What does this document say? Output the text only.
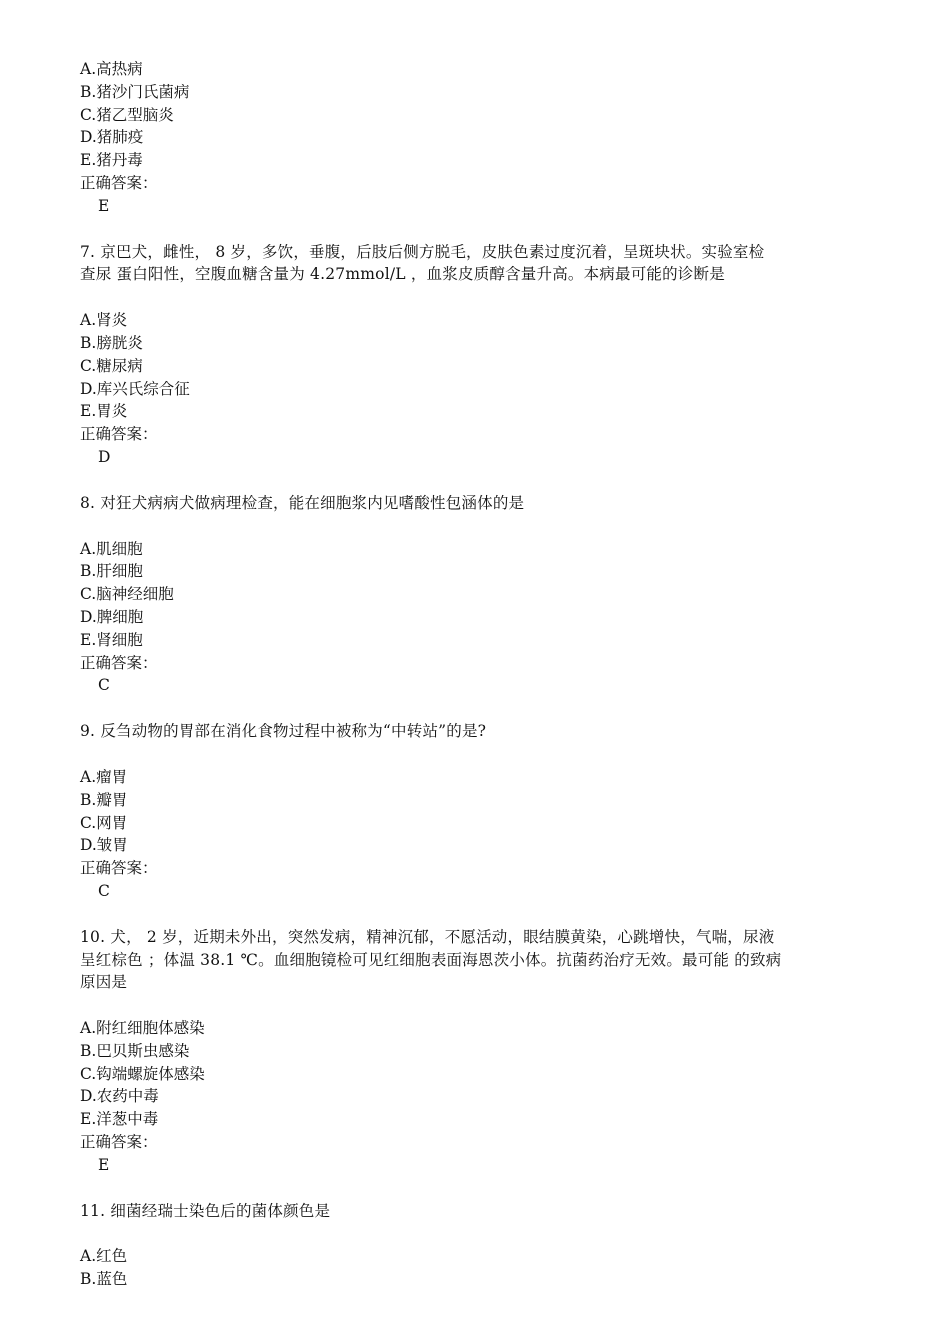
A.高热病
B.猪沙门氏菌病
C.猪乙型脑炎
D.猪肺疫
E.猪丹毒
正确答案：
E
7. 京巴犬，雌性， 8 岁，多饮，垂腹，后肢后侧方脱毛，皮肤色素过度沉着，呈斑块状。实验室检
查尿 蛋白阳性，空腹血糖含量为 4.27mmol/L ，血浆皮质醇含量升高。本病最可能的诊断是
A.肾炎
B.膀胱炎
C.糖尿病
D.库兴氏综合征
E.胃炎
正确答案：
D
8. 对狂犬病病犬做病理检查，能在细胞浆内见嗜酸性包涵体的是
A.肌细胞
B.肝细胞
C.脑神经细胞
D.脾细胞
E.肾细胞
正确答案：
C
9. 反刍动物的胃部在消化食物过程中被称为“中转站”的是?
A.瘤胃
B.瓣胃
C.网胃
D.皱胃
正确答案：
C
10. 犬， 2 岁，近期未外出，突然发病，精神沉郁，不愿活动，眼结膜黄染，心跳增快，气喘，尿液
呈红棕色 ；体温 38.1 ℃。血细胞镜检可见红细胞表面海恩茨小体。抗菌药治疗无效。最可能 的致病
原因是
A.附红细胞体感染
B.巴贝斯虫感染
C.钩端螺旋体感染
D.农药中毒
E.洋葱中毒
正确答案：
E
11. 细菌经瑞士染色后的菌体颜色是
A.红色
B.蓝色
